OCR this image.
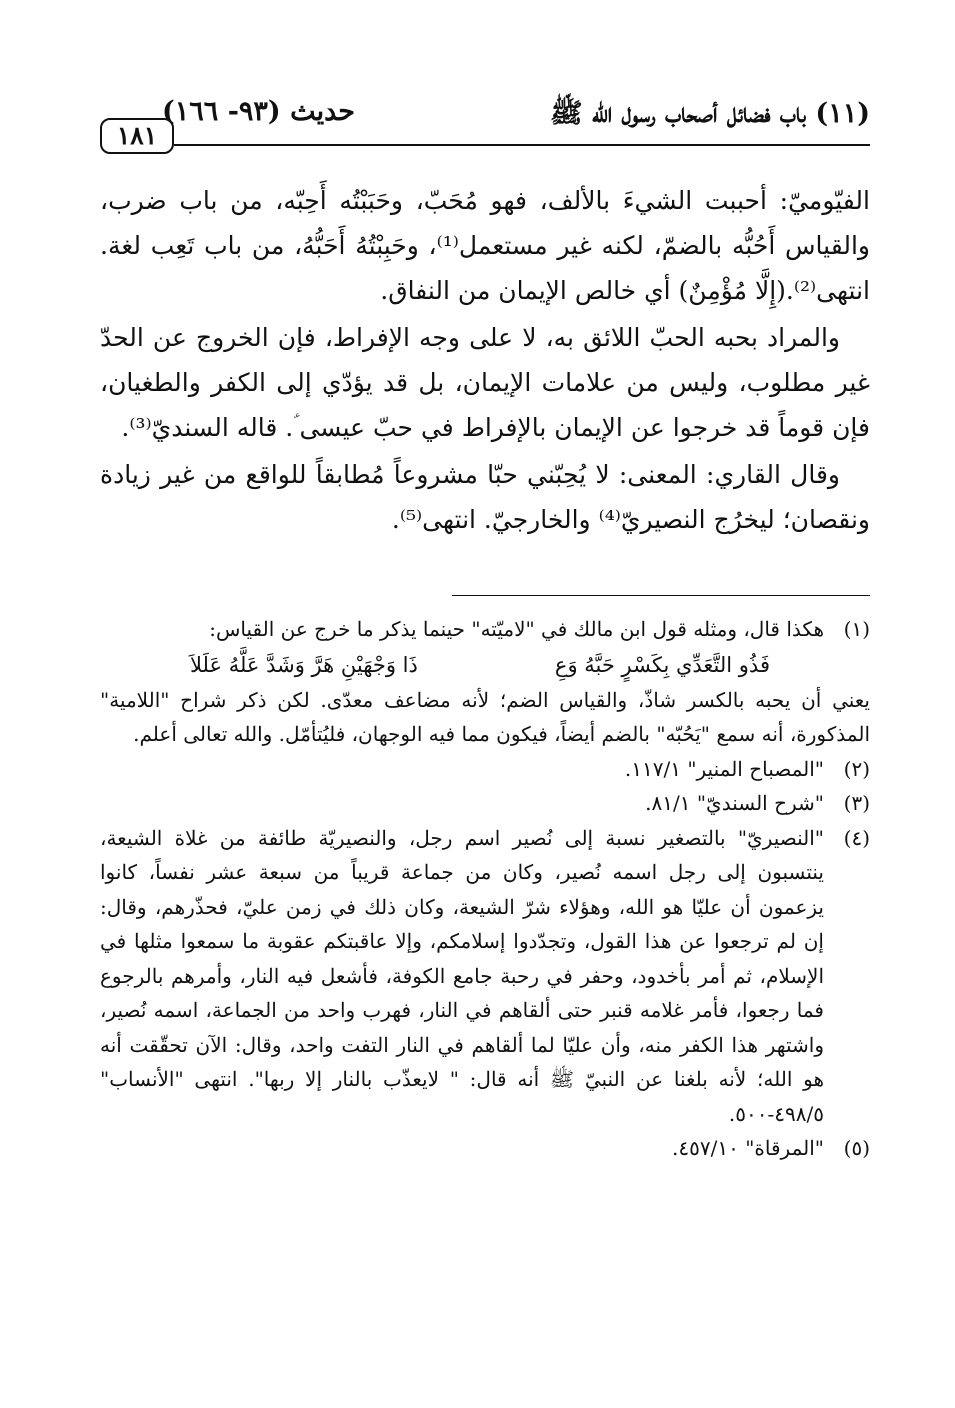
(١١) باب فضائل أصحاب رسول الله ﷺ
حديث (٩٣- ١٦٦)
١٨١

الفيّوميّ: أحببت الشيءَ بالألف، فهو مُحَبّ، وحَبَبْتُه أَحِبّه، من باب ضرب، والقياس أَحُبُّه بالضمّ، لكنه غير مستعمل⁽¹⁾، وحَبِبْتُهُ أَحَبُّهُ، من باب تَعِب لغة. انتهى⁽²⁾.(إِلَّا مُؤْمِنٌ) أي خالص الإيمان من النفاق.

والمراد بحبه الحبّ اللائق به، لا على وجه الإفراط، فإن الخروج عن الحدّ غير مطلوب، وليس من علامات الإيمان، بل قد يؤدّي إلى الكفر والطغيان، فإن قوماً قد خرجوا عن الإيمان بالإفراط في حبّ عيسى ؑ. قاله السنديّ⁽³⁾.

وقال القاري: المعنى: لا يُحِبّني حبّا مشروعاً مُطابقاً للواقع من غير زيادة ونقصان؛ ليخرُج النصيريّ⁽⁴⁾ والخارجيّ. انتهى⁽⁵⁾.

(١)
هكذا قال، ومثله قول ابن مالك في "لاميّته" حينما يذكر ما خرج عن القياس:
فَذُو التَّعَدِّي بِكَسْرٍ حَبَّهُ وَعِ
ذَا وَجْهَيْنِ هَرَّ وَشَدَّ عَلَّهُ عَلَلاَ

يعني أن يحبه بالكسر شاذّ، والقياس الضم؛ لأنه مضاعف معدّى. لكن ذكر شراح "اللامية" المذكورة، أنه سمع "يَحُبّه" بالضم أيضاً، فيكون مما فيه الوجهان، فليُتأمّل. والله تعالى أعلم.

(٢)
"المصباح المنير" ١١٧/١.
(٣)
"شرح السنديّ" ٨١/١.
(٤)
"النصيريّ" بالتصغير نسبة إلى نُصير اسم رجل، والنصيريّة طائفة من غلاة الشيعة، ينتسبون إلى رجل اسمه نُصير، وكان من جماعة قريباً من سبعة عشر نفساً، كانوا يزعمون أن عليّا هو الله، وهؤلاء شرّ الشيعة، وكان ذلك في زمن عليّ، فحذّرهم، وقال: إن لم ترجعوا عن هذا القول، وتجدّدوا إسلامكم، وإلا عاقبتكم عقوبة ما سمعوا مثلها في الإسلام، ثم أمر بأخدود، وحفر في رحبة جامع الكوفة، فأشعل فيه النار، وأمرهم بالرجوع فما رجعوا، فأمر غلامه قنبر حتى ألقاهم في النار، فهرب واحد من الجماعة، اسمه نُصير، واشتهر هذا الكفر منه، وأن عليّا لما ألقاهم في النار التفت واحد، وقال: الآن تحقّقت أنه هو الله؛ لأنه بلغنا عن النبيّ ﷺ أنه قال: " لايعذّب بالنار إلا ربها". انتهى "الأنساب" ٤٩٨/٥-٥٠٠.
(٥)
"المرقاة" ٤٥٧/١٠.
